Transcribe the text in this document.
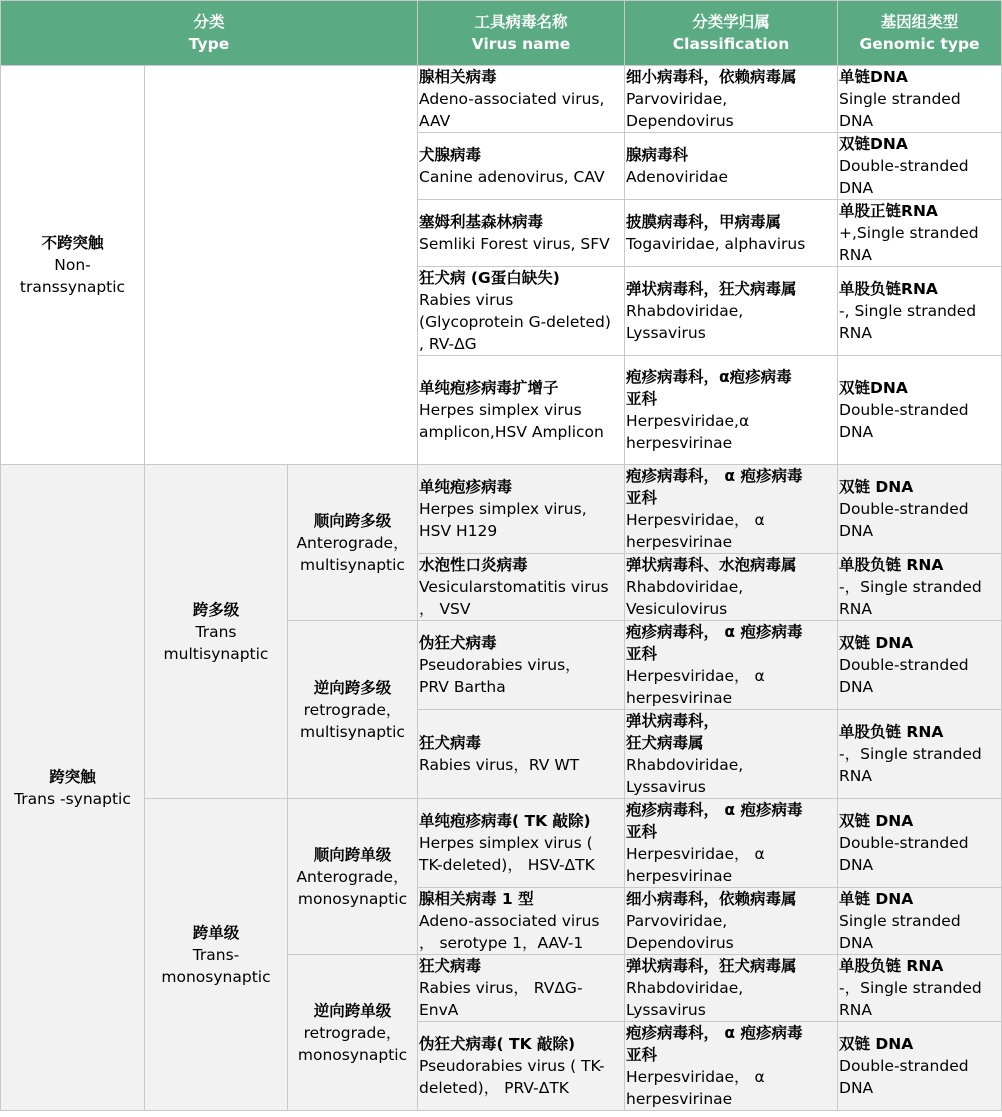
分类
Type			工具病毒名称
Virus name	分类学归属
Classification	基因组类型
Genomic type

不跨突触
Non-
transsynaptic			腺相关病毒
Adeno-associated virus,
AAV	细小病毒科，依赖病毒属
Parvoviridae,
Dependovirus	单链DNA
Single stranded
DNA

			犬腺病毒
Canine adenovirus, CAV	腺病毒科
Adenoviridae	双链DNA
Double-stranded
DNA

			塞姆利基森林病毒
Semliki Forest virus, SFV	披膜病毒科，甲病毒属
Togaviridae, alphavirus	单股正链RNA
+,Single stranded
RNA

			狂犬病 (G蛋白缺失)
Rabies virus
(Glycoprotein G-deleted)
, RV-ΔG	弹状病毒科，狂犬病毒属
Rhabdoviridae,
Lyssavirus	单股负链RNA
-, Single stranded
RNA

			单纯疱疹病毒扩增子
Herpes simplex virus
amplicon,HSV Amplicon	疱疹病毒科，α疱疹病毒
亚科
Herpesviridae,α
herpesvirinae	双链DNA
Double-stranded
DNA

跨突触
Trans -synaptic	跨多级
Trans
multisynaptic	顺向跨多级
Anterograde，
multisynaptic	单纯疱疹病毒
Herpes simplex virus,
HSV H129	疱疹病毒科， α 疱疹病毒
亚科
Herpesviridae， α
herpesvirinae	双链 DNA
Double-stranded
DNA

			水泡性口炎病毒
Vesicularstomatitis virus
， VSV	弹状病毒科、水泡病毒属
Rhabdoviridae,
Vesiculovirus	单股负链 RNA
-，Single stranded
RNA

		逆向跨多级
retrograde，
multisynaptic	伪狂犬病毒
Pseudorabies virus，
PRV Bartha	疱疹病毒科， α 疱疹病毒
亚科
Herpesviridae， α
herpesvirinae	双链 DNA
Double-stranded
DNA

			狂犬病毒
Rabies virus，RV WT	弹状病毒科，
狂犬病毒属
Rhabdoviridae,
Lyssavirus	单股负链 RNA
-，Single stranded
RNA

	跨单级
Trans-
monosynaptic	顺向跨单级
Anterograde，
monosynaptic	单纯疱疹病毒( TK 敲除)
Herpes simplex virus (
TK-deleted)， HSV-ΔTK	疱疹病毒科， α 疱疹病毒
亚科
Herpesviridae， α
herpesvirinae	双链 DNA
Double-stranded
DNA

			腺相关病毒 1 型
Adeno-associated virus
， serotype 1，AAV-1	细小病毒科，依赖病毒属
Parvoviridae,
Dependovirus	单链 DNA
Single stranded
DNA

		逆向跨单级
retrograde，
monosynaptic	狂犬病毒
Rabies virus， RVΔG-
EnvA	弹状病毒科，狂犬病毒属
Rhabdoviridae,
Lyssavirus	单股负链 RNA
-，Single stranded
RNA

			伪狂犬病毒( TK 敲除)
Pseudorabies virus ( TK-
deleted)， PRV-ΔTK	疱疹病毒科， α 疱疹病毒
亚科
Herpesviridae， α
herpesvirinae	双链 DNA
Double-stranded
DNA
